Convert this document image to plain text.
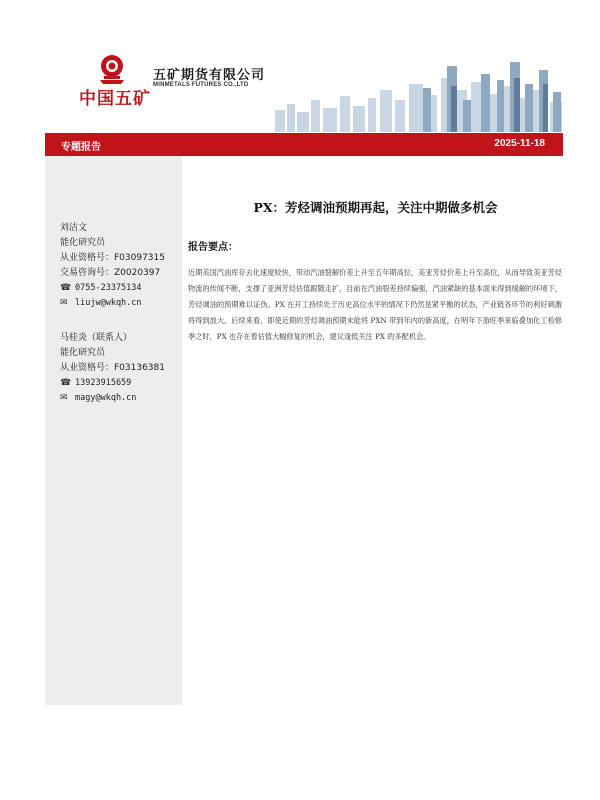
中国五矿
五矿期货有限公司
MINMETALS FUTURES CO.,LTD
专题报告	2025-11-18
刘洁文
能化研究员
从业资格号：F03097315
交易咨询号：Z0020397
☎ 0755-23375134
✉ liujw@wkqh.cn
马桂炎（联系人）
能化研究员
从业资格号：F03136381
☎ 13923915659
✉ magy@wkqh.cn
PX：芳烃调油预期再起，关注中期做多机会
报告要点：
近期美国汽油库存去化速度较快，带动汽油裂解价差上升至五年期高位，美亚芳烃价差上升至高位，从而导致美亚芳烃物流的传闻不断，支撑了亚洲芳烃估值跟随走扩，目前在汽油裂差持续偏强，汽油紧缺的基本面未得到缓解的环境下，芳烃调油的预期难以证伪。PX 在开工持续处于历史高位水平的情况下仍然是紧平衡的状态，产业链各环节的利好刺激将得到放大。后续来看，即使近期的芳烃调油预期未能将 PXN 带到年内的新高度，在明年下游旺季来临叠加化工检修季之时，PX 也存在着估值大幅修复的机会，建议逢低关注 PX 的多配机会。
